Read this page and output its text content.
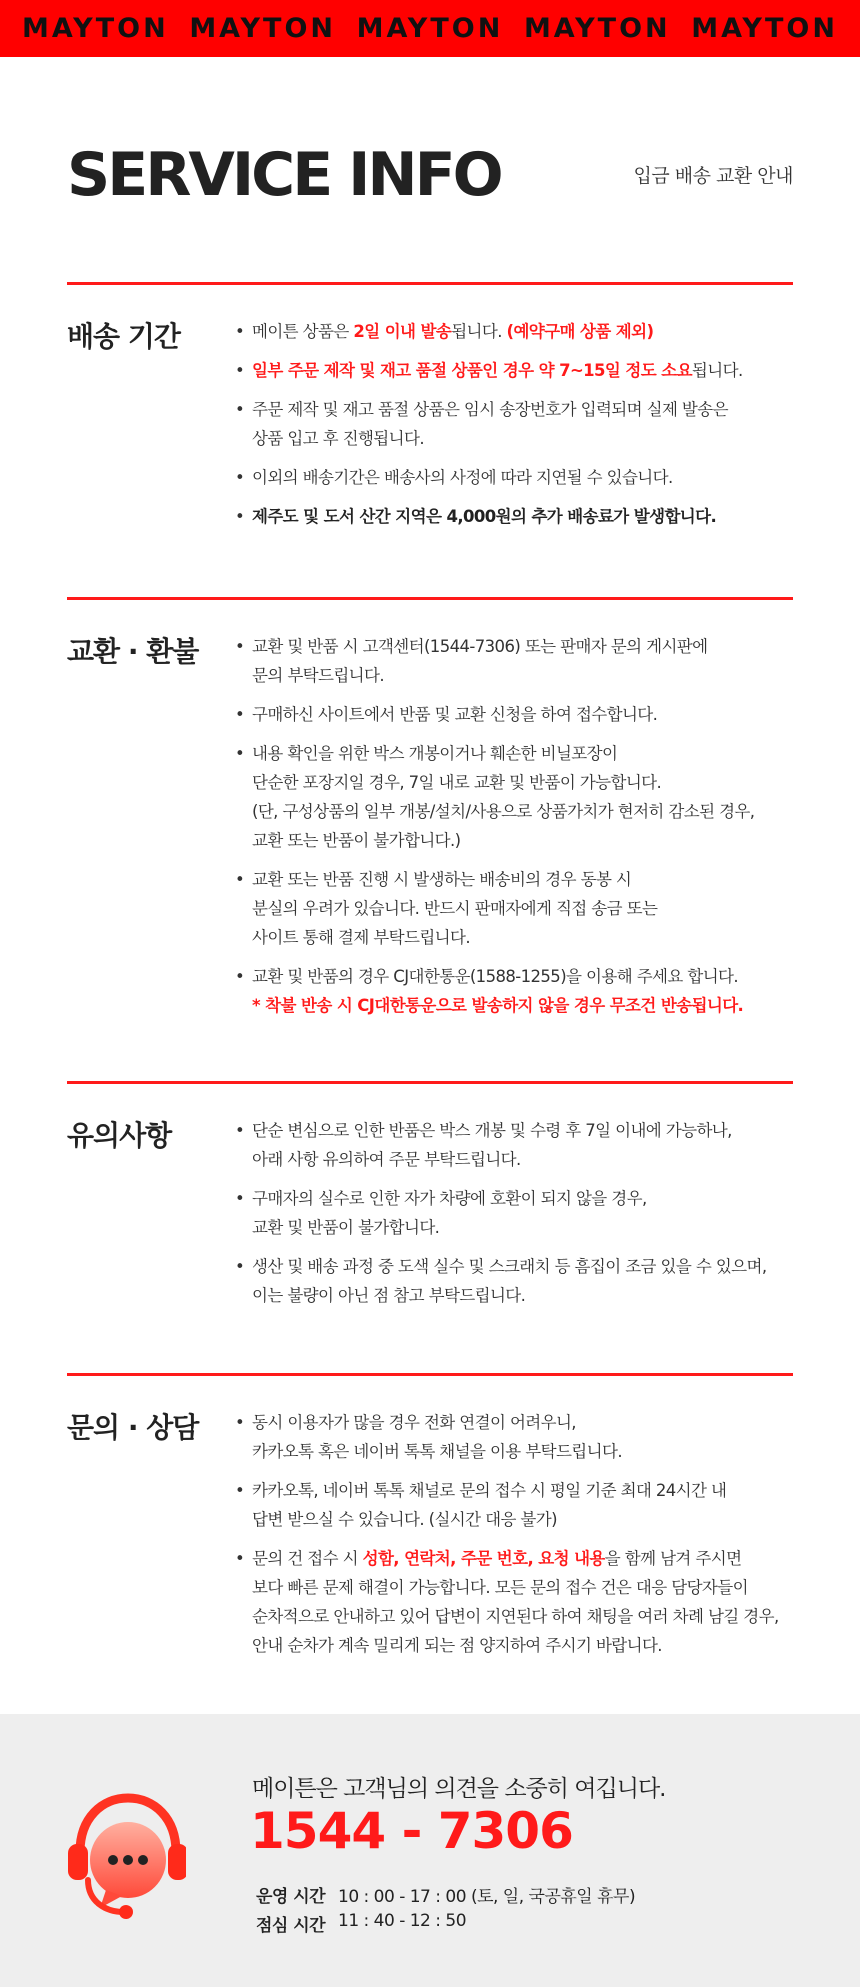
MAYTON MAYTON MAYTON MAYTON MAYTON
SERVICE INFO	입금 배송 교환 안내
배송 기간	• 메이튼 상품은 2일 이내 발송됩니다. (예약구매 상품 제외)
• 일부 주문 제작 및 재고 품절 상품인 경우 약 7~15일 정도 소요됩니다.
• 주문 제작 및 재고 품절 상품은 임시 송장번호가 입력되며 실제 발송은
상품 입고 후 진행됩니다.
• 이외의 배송기간은 배송사의 사정에 따라 지연될 수 있습니다.
• 제주도 및 도서 산간 지역은 4,000원의 추가 배송료가 발생합니다.
교환 · 환불	• 교환 및 반품 시 고객센터(1544-7306) 또는 판매자 문의 게시판에
문의 부탁드립니다.
• 구매하신 사이트에서 반품 및 교환 신청을 하여 접수합니다.
• 내용 확인을 위한 박스 개봉이거나 훼손한 비닐포장이
단순한 포장지일 경우, 7일 내로 교환 및 반품이 가능합니다.
(단, 구성상품의 일부 개봉/설치/사용으로 상품가치가 현저히 감소된 경우,
교환 또는 반품이 불가합니다.)
• 교환 또는 반품 진행 시 발생하는 배송비의 경우 동봉 시
분실의 우려가 있습니다. 반드시 판매자에게 직접 송금 또는
사이트 통해 결제 부탁드립니다.
• 교환 및 반품의 경우 CJ대한통운(1588-1255)을 이용해 주세요 합니다.
* 착불 반송 시 CJ대한통운으로 발송하지 않을 경우 무조건 반송됩니다.
유의사항	• 단순 변심으로 인한 반품은 박스 개봉 및 수령 후 7일 이내에 가능하나,
아래 사항 유의하여 주문 부탁드립니다.
• 구매자의 실수로 인한 자가 차량에 호환이 되지 않을 경우,
교환 및 반품이 불가합니다.
• 생산 및 배송 과정 중 도색 실수 및 스크래치 등 흠집이 조금 있을 수 있으며,
이는 불량이 아닌 점 참고 부탁드립니다.
문의 · 상담	• 동시 이용자가 많을 경우 전화 연결이 어려우니,
카카오톡 혹은 네이버 톡톡 채널을 이용 부탁드립니다.
• 카카오톡, 네이버 톡톡 채널로 문의 접수 시 평일 기준 최대 24시간 내
답변 받으실 수 있습니다. (실시간 대응 불가)
• 문의 건 접수 시 성함, 연락처, 주문 번호, 요청 내용을 함께 남겨 주시면
보다 빠른 문제 해결이 가능합니다. 모든 문의 접수 건은 대응 담당자들이
순차적으로 안내하고 있어 답변이 지연된다 하여 채팅을 여러 차례 남길 경우,
안내 순차가 계속 밀리게 되는 점 양지하여 주시기 바랍니다.
메이튼은 고객님의 의견을 소중히 여깁니다.
1544 - 7306
운영 시간 10 : 00 - 17 : 00 (토, 일, 국공휴일 휴무)
점심 시간 11 : 40 - 12 : 50
